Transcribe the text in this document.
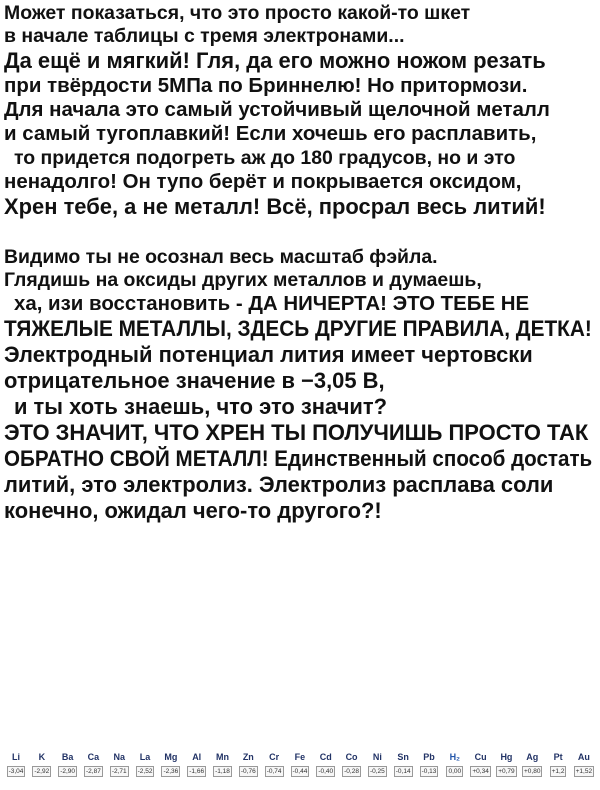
Может показаться, что это просто какой-то шкет
в начале таблицы с тремя электронами...
Да ещё и мягкий! Гля, да его можно ножом резать
при твёрдости 5МПа по Бриннелю! Но притормози.
Для начала это самый устойчивый щелочной металл
и самый тугоплавкий! Если хочешь его расплавить,
то придется подогреть аж до 180 градусов, но и это
ненадолго! Он тупо берёт и покрывается оксидом,
Хрен тебе, а не металл! Всё, просрал весь литий!
Видимо ты не осознал весь масштаб фэйла.
Глядишь на оксиды других металлов и думаешь,
ха, изи восстановить - ДА НИЧЕРТА! ЭТО ТЕБЕ НЕ
ТЯЖЕЛЫЕ МЕТАЛЛЫ, ЗДЕСЬ ДРУГИЕ ПРАВИЛА, ДЕТКА!
Электродный потенциал лития имеет чертовски
отрицательное значение в −3,05 В,
и ты хоть знаешь, что это значит?
ЭТО ЗНАЧИТ, ЧТО ХРЕН ТЫ ПОЛУЧИШЬ ПРОСТО ТАК
ОБРАТНО СВОЙ МЕТАЛЛ! Единственный способ достать
литий, это электролиз. Электролиз расплава соли
конечно, ожидал чего-то другого?!
Li
-3,04
K
-2,92
Ba
-2,90
Ca
-2,87
Na
-2,71
La
-2,52
Mg
-2,36
Al
-1,66
Mn
-1,18
Zn
-0,76
Cr
-0,74
Fe
-0,44
Cd
-0,40
Co
-0,28
Ni
-0,25
Sn
-0,14
Pb
-0,13
H₂
0,00
Cu
+0,34
Hg
+0,79
Ag
+0,80
Pt
+1,2
Au
+1,52
